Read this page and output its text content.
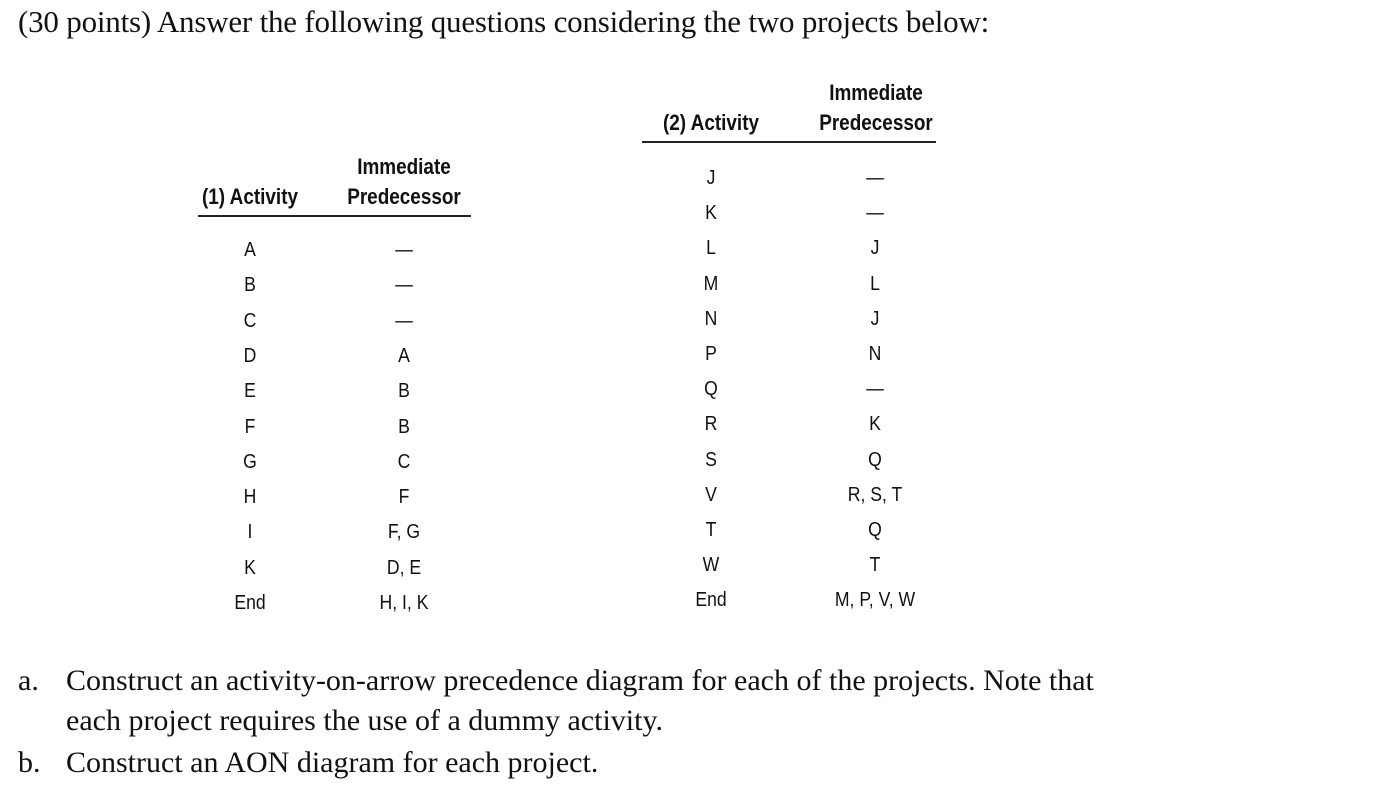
(30 points) Answer the following questions considering the two projects below:
(1) Activity
Immediate
Predecessor
A	—
B	—
C	—
D	A
E	B
F	B
G	C
H	F
I	F, G
K	D, E
End	H, I, K
(2) Activity
Immediate
Predecessor
J	—
K	—
L	J
M	L
N	J
P	N
Q	—
R	K
S	Q
V	R, S, T
T	Q
W	T
End	M, P, V, W
a. Construct an activity-on-arrow precedence diagram for each of the projects. Note that
each project requires the use of a dummy activity.
b. Construct an AON diagram for each project.
